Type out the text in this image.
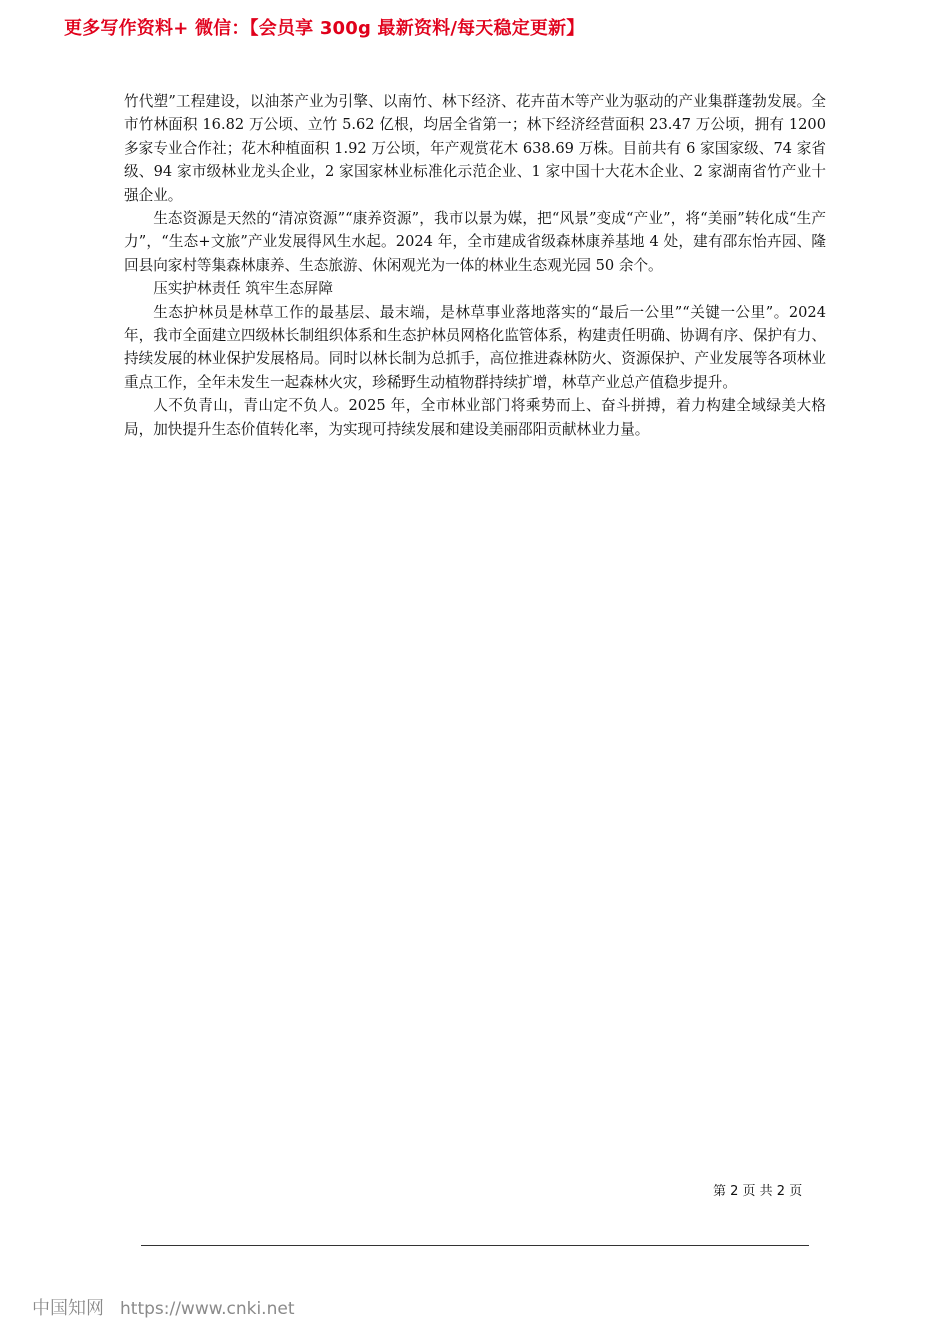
更多写作资料+ 微信：【会员享 300g 最新资料/每天稳定更新】

竹代塑”工程建设，以油茶产业为引擎、以南竹、林下经济、花卉苗木等产业为驱动的产业集群蓬勃发展。全市竹林面积 16.82 万公顷、立竹 5.62 亿根，均居全省第一；林下经济经营面积 23.47 万公顷，拥有 1200 多家专业合作社；花木种植面积 1.92 万公顷，年产观赏花木 638.69 万株。目前共有 6 家国家级、74 家省级、94 家市级林业龙头企业，2 家国家林业标准化示范企业、1 家中国十大花木企业、2 家湖南省竹产业十强企业。

生态资源是天然的“清凉资源”“康养资源”，我市以景为媒，把“风景”变成“产业”，将“美丽”转化成“生产力”，“生态+文旅”产业发展得风生水起。2024 年，全市建成省级森林康养基地 4 处，建有邵东怡卉园、隆回县向家村等集森林康养、生态旅游、休闲观光为一体的林业生态观光园 50 余个。

压实护林责任 筑牢生态屏障

生态护林员是林草工作的最基层、最末端，是林草事业落地落实的“最后一公里”“关键一公里”。2024 年，我市全面建立四级林长制组织体系和生态护林员网格化监管体系，构建责任明确、协调有序、保护有力、持续发展的林业保护发展格局。同时以林长制为总抓手，高位推进森林防火、资源保护、产业发展等各项林业重点工作，全年未发生一起森林火灾，珍稀野生动植物群持续扩增，林草产业总产值稳步提升。

人不负青山，青山定不负人。2025 年，全市林业部门将乘势而上、奋斗拼搏，着力构建全域绿美大格局，加快提升生态价值转化率，为实现可持续发展和建设美丽邵阳贡献林业力量。

第 2 页 共 2 页
中国知网 https://www.cnki.net
